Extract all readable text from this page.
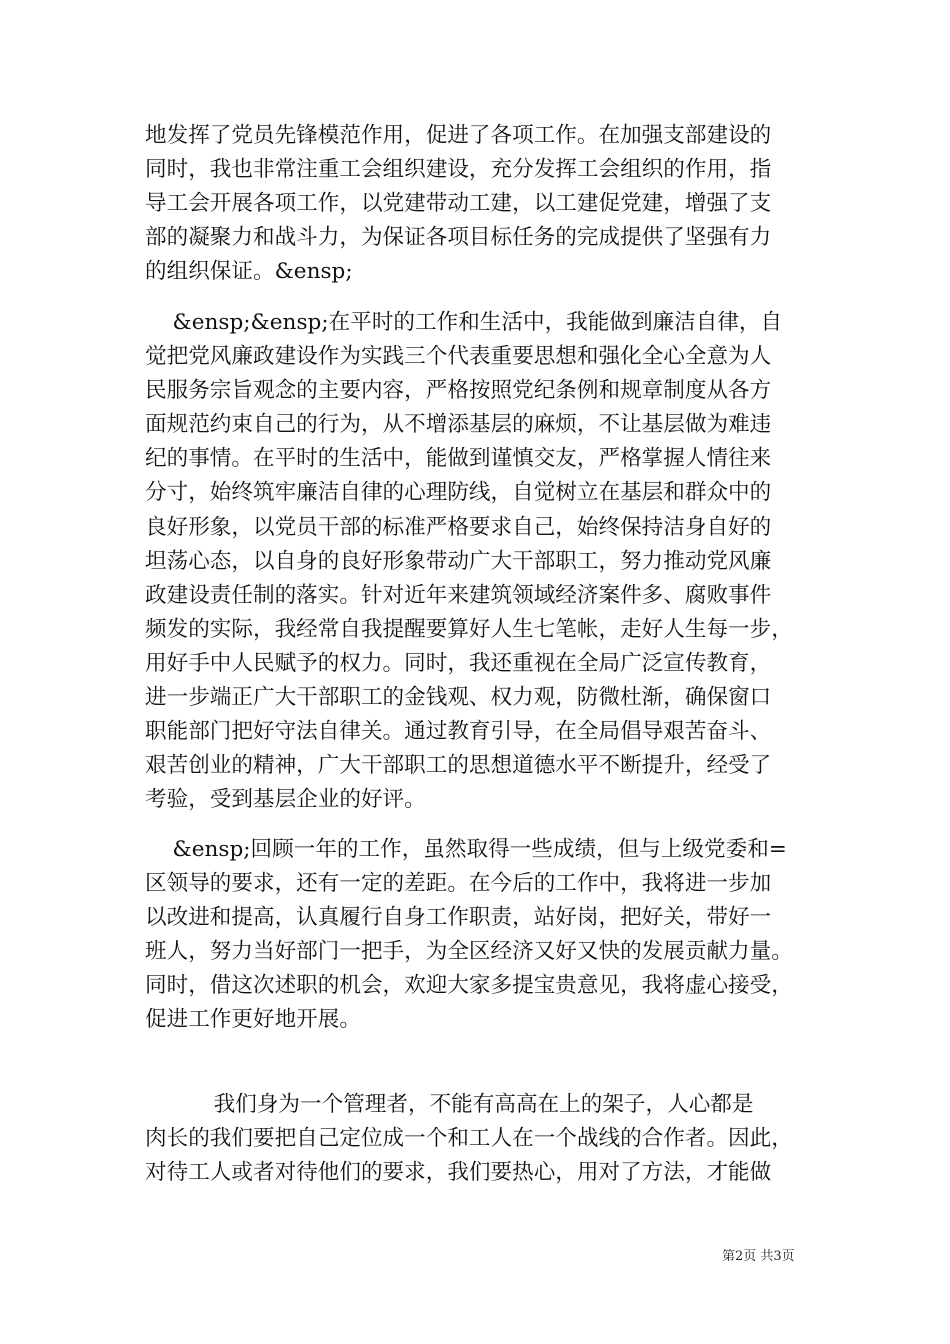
地发挥了党员先锋模范作用，促进了各项工作。在加强支部建设的
同时，我也非常注重工会组织建设，充分发挥工会组织的作用，指
导工会开展各项工作，以党建带动工建，以工建促党建，增强了支
部的凝聚力和战斗力，为保证各项目标任务的完成提供了坚强有力
的组织保证。&ensp;

&ensp;&ensp;在平时的工作和生活中，我能做到廉洁自律，自
觉把党风廉政建设作为实践三个代表重要思想和强化全心全意为人
民服务宗旨观念的主要内容，严格按照党纪条例和规章制度从各方
面规范约束自己的行为，从不增添基层的麻烦，不让基层做为难违
纪的事情。在平时的生活中，能做到谨慎交友，严格掌握人情往来
分寸，始终筑牢廉洁自律的心理防线，自觉树立在基层和群众中的
良好形象，以党员干部的标准严格要求自己，始终保持洁身自好的
坦荡心态，以自身的良好形象带动广大干部职工，努力推动党风廉
政建设责任制的落实。针对近年来建筑领域经济案件多、腐败事件
频发的实际，我经常自我提醒要算好人生七笔帐，走好人生每一步，
用好手中人民赋予的权力。同时，我还重视在全局广泛宣传教育，
进一步端正广大干部职工的金钱观、权力观，防微杜渐，确保窗口
职能部门把好守法自律关。通过教育引导，在全局倡导艰苦奋斗、
艰苦创业的精神，广大干部职工的思想道德水平不断提升，经受了
考验，受到基层企业的好评。

&ensp;回顾一年的工作，虽然取得一些成绩，但与上级党委和=
区领导的要求，还有一定的差距。在今后的工作中，我将进一步加
以改进和提高，认真履行自身工作职责，站好岗，把好关，带好一
班人，努力当好部门一把手，为全区经济又好又快的发展贡献力量。
同时，借这次述职的机会，欢迎大家多提宝贵意见，我将虚心接受，
促进工作更好地开展。

我们身为一个管理者，不能有高高在上的架子，人心都是
肉长的我们要把自己定位成一个和工人在一个战线的合作者。因此，
对待工人或者对待他们的要求，我们要热心，用对了方法，才能做

第2页 共3页
